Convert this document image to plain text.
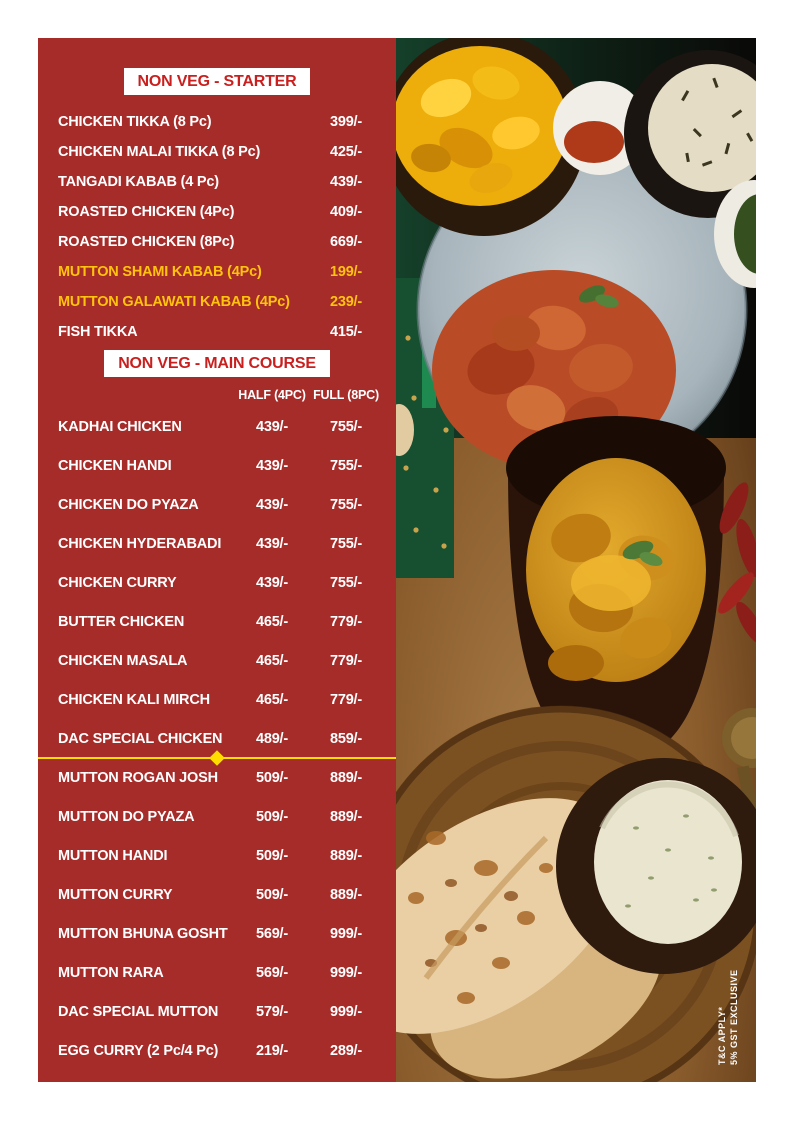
NON VEG - STARTER
CHICKEN TIKKA (8 Pc)	399/-
CHICKEN MALAI TIKKA (8 Pc)	425/-
TANGADI KABAB (4 Pc)	439/-
ROASTED CHICKEN (4Pc)	409/-
ROASTED CHICKEN (8Pc)	669/-
MUTTON SHAMI KABAB (4Pc)	199/-
MUTTON GALAWATI KABAB (4Pc)	239/-
FISH TIKKA	415/-
NON VEG - MAIN COURSE
HALF (4PC) FULL (8PC)
KADHAI CHICKEN	439/-	755/-
CHICKEN HANDI	439/-	755/-
CHICKEN DO PYAZA	439/-	755/-
CHICKEN HYDERABADI	439/-	755/-
CHICKEN CURRY	439/-	755/-
BUTTER CHICKEN	465/-	779/-
CHICKEN MASALA	465/-	779/-
CHICKEN KALI MIRCH	465/-	779/-
DAC SPECIAL CHICKEN	489/-	859/-
MUTTON ROGAN JOSH	509/-	889/-
MUTTON DO PYAZA	509/-	889/-
MUTTON HANDI	509/-	889/-
MUTTON CURRY	509/-	889/-
MUTTON BHUNA GOSHT	569/-	999/-
MUTTON RARA	569/-	999/-
DAC SPECIAL MUTTON	579/-	999/-
EGG CURRY (2 Pc/4 Pc)	219/-	289/-	T&C APPLY* 5% GST EXCLUSIVE
